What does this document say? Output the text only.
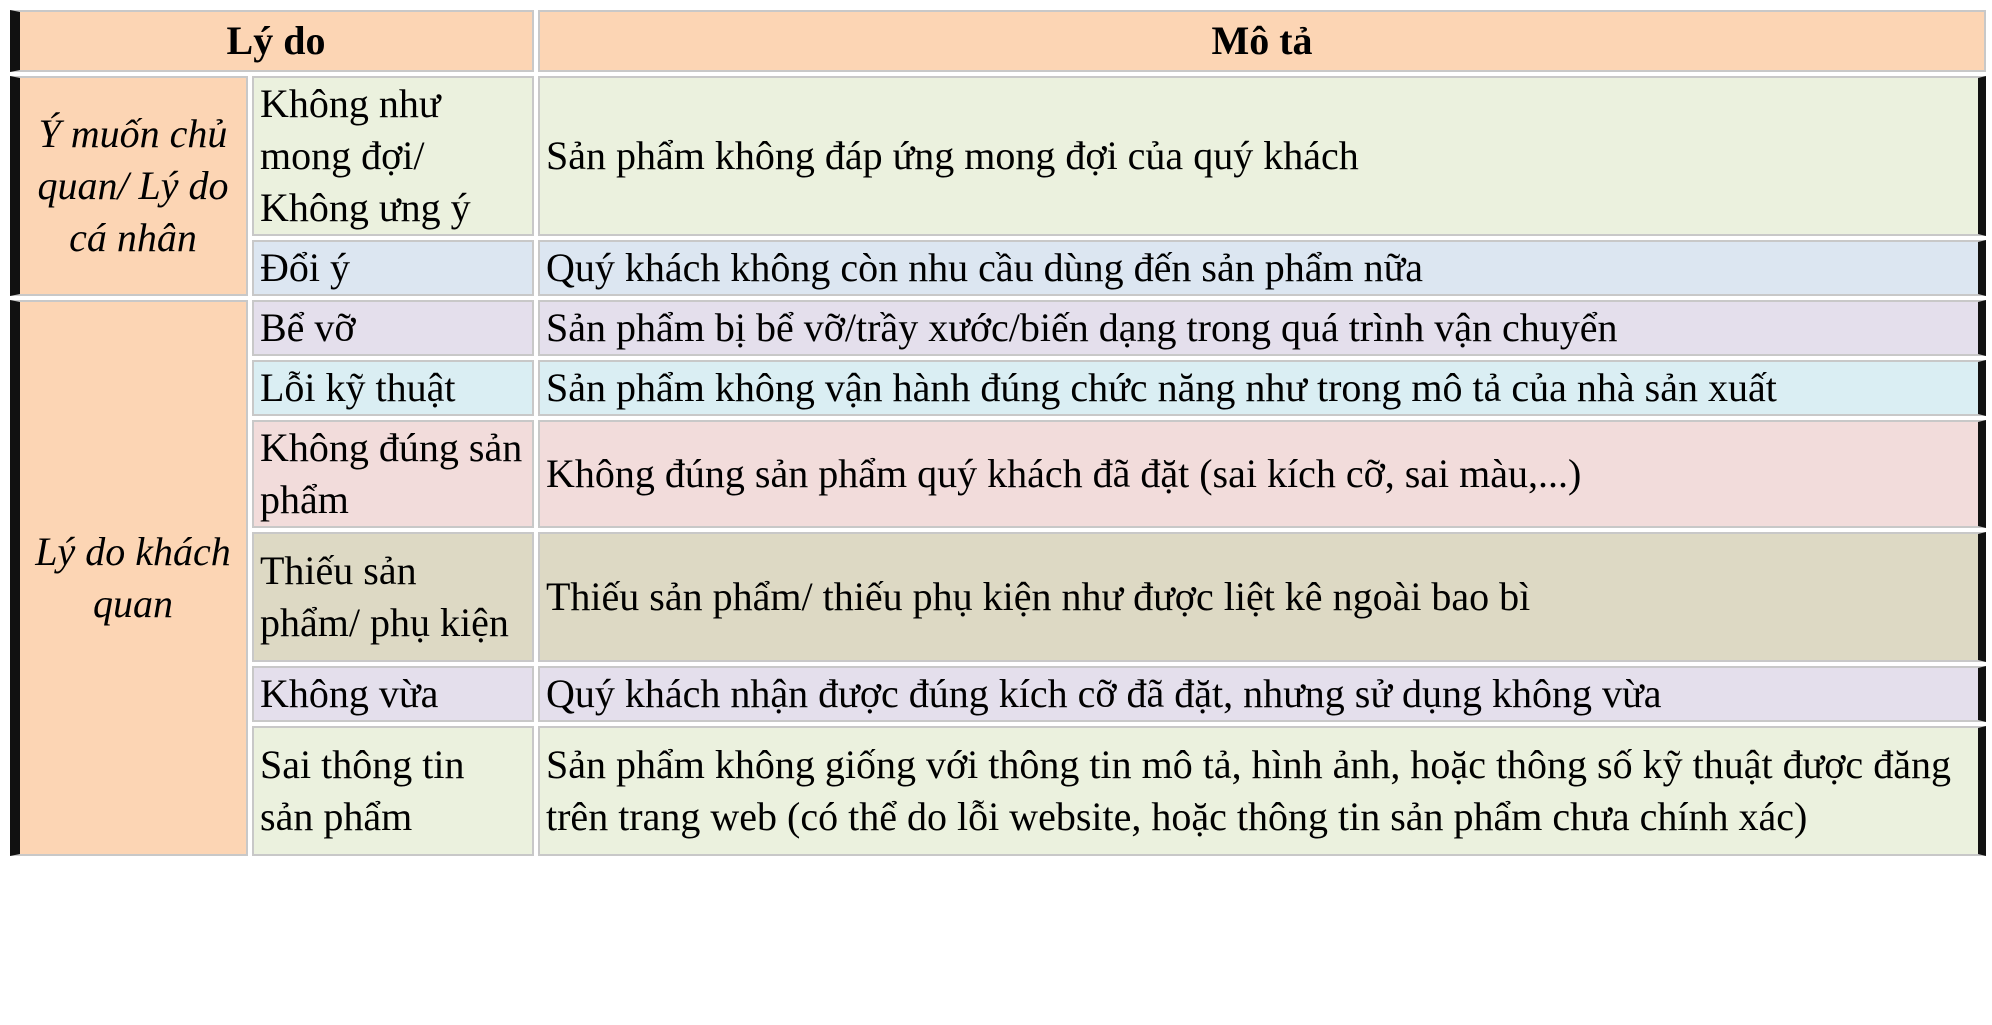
Lý do		Mô tả
Ý muốn chủ quan/ Lý do cá nhân	Không như mong đợi/ Không ưng ý	Sản phẩm không đáp ứng mong đợi của quý khách
	Đổi ý	Quý khách không còn nhu cầu dùng đến sản phẩm nữa
Lý do khách quan	Bể vỡ	Sản phẩm bị bể vỡ/trầy xước/biến dạng trong quá trình vận chuyển
	Lỗi kỹ thuật	Sản phẩm không vận hành đúng chức năng như trong mô tả của nhà sản xuất
	Không đúng sản phẩm	Không đúng sản phẩm quý khách đã đặt (sai kích cỡ, sai màu,...)
	Thiếu sản phẩm/ phụ kiện	Thiếu sản phẩm/ thiếu phụ kiện như được liệt kê ngoài bao bì
	Không vừa	Quý khách nhận được đúng kích cỡ đã đặt, nhưng sử dụng không vừa
	Sai thông tin sản phẩm	Sản phẩm không giống với thông tin mô tả, hình ảnh, hoặc thông số kỹ thuật được đăng trên trang web (có thể do lỗi website, hoặc thông tin sản phẩm chưa chính xác)
